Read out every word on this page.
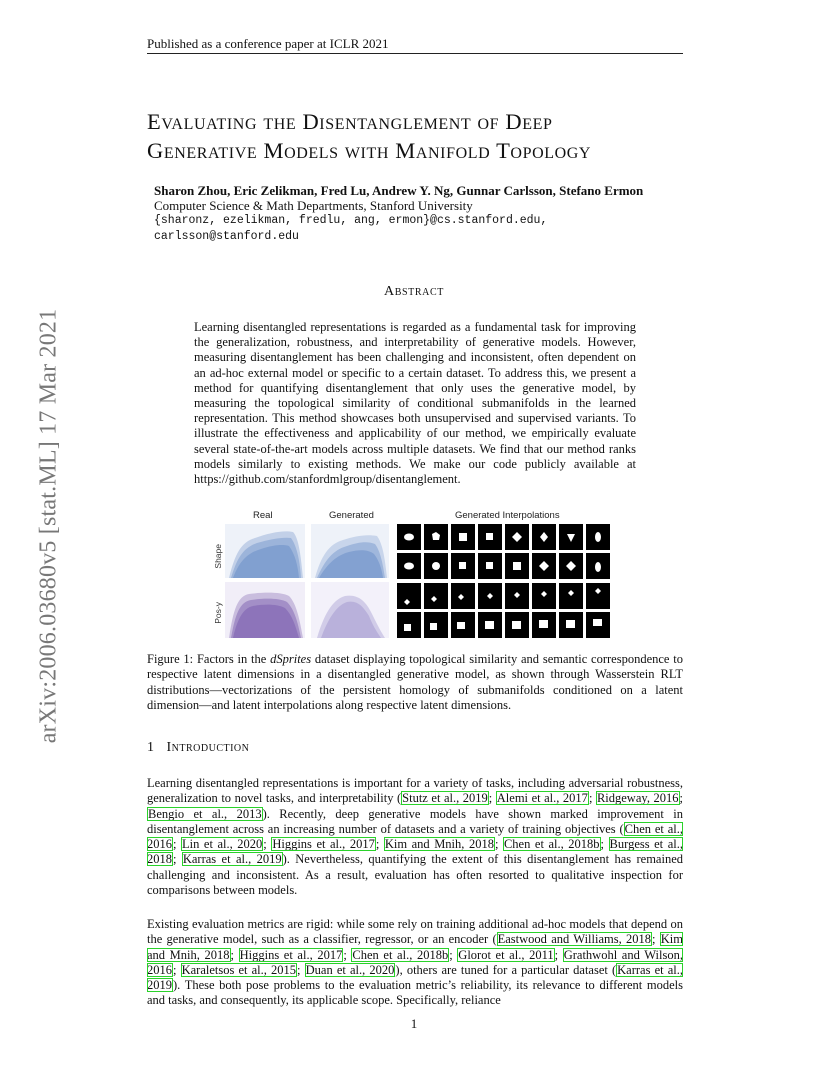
Published as a conference paper at ICLR 2021
arXiv:2006.03680v5 [stat.ML] 17 Mar 2021
Evaluating the Disentanglement of Deep
Generative Models with Manifold Topology
Sharon Zhou, Eric Zelikman, Fred Lu, Andrew Y. Ng, Gunnar Carlsson, Stefano Ermon
Computer Science & Math Departments, Stanford University
{sharonz, ezelikman, fredlu, ang, ermon}@cs.stanford.edu,
carlsson@stanford.edu
Abstract
Learning disentangled representations is regarded as a fundamental task for improving the generalization, robustness, and interpretability of generative models. However, measuring disentanglement has been challenging and inconsistent, often dependent on an ad-hoc external model or specific to a certain dataset. To address this, we present a method for quantifying disentanglement that only uses the generative model, by measuring the topological similarity of conditional submanifolds in the learned representation. This method showcases both unsupervised and supervised variants. To illustrate the effectiveness and applicability of our method, we empirically evaluate several state-of-the-art models across multiple datasets. We find that our method ranks models similarly to existing methods. We make our code publicly available at https://github.com/stanfordmlgroup/disentanglement.
Real	Generated	Generated Interpolations
Shape
Pos-y
Figure 1: Factors in the dSprites dataset displaying topological similarity and semantic correspondence to respective latent dimensions in a disentangled generative model, as shown through Wasserstein RLT distributions—vectorizations of the persistent homology of submanifolds conditioned on a latent dimension—and latent interpolations along respective latent dimensions.
1 Introduction
Learning disentangled representations is important for a variety of tasks, including adversarial robustness, generalization to novel tasks, and interpretability (Stutz et al., 2019; Alemi et al., 2017; Ridgeway, 2016; Bengio et al., 2013). Recently, deep generative models have shown marked improvement in disentanglement across an increasing number of datasets and a variety of training objectives (Chen et al., 2016; Lin et al., 2020; Higgins et al., 2017; Kim and Mnih, 2018; Chen et al., 2018b; Burgess et al., 2018; Karras et al., 2019). Nevertheless, quantifying the extent of this disentanglement has remained challenging and inconsistent. As a result, evaluation has often resorted to qualitative inspection for comparisons between models.
Existing evaluation metrics are rigid: while some rely on training additional ad-hoc models that depend on the generative model, such as a classifier, regressor, or an encoder (Eastwood and Williams, 2018; Kim and Mnih, 2018; Higgins et al., 2017; Chen et al., 2018b; Glorot et al., 2011; Grathwohl and Wilson, 2016; Karaletsos et al., 2015; Duan et al., 2020), others are tuned for a particular dataset (Karras et al., 2019). These both pose problems to the evaluation metric’s reliability, its relevance to different models and tasks, and consequently, its applicable scope. Specifically, reliance
1
